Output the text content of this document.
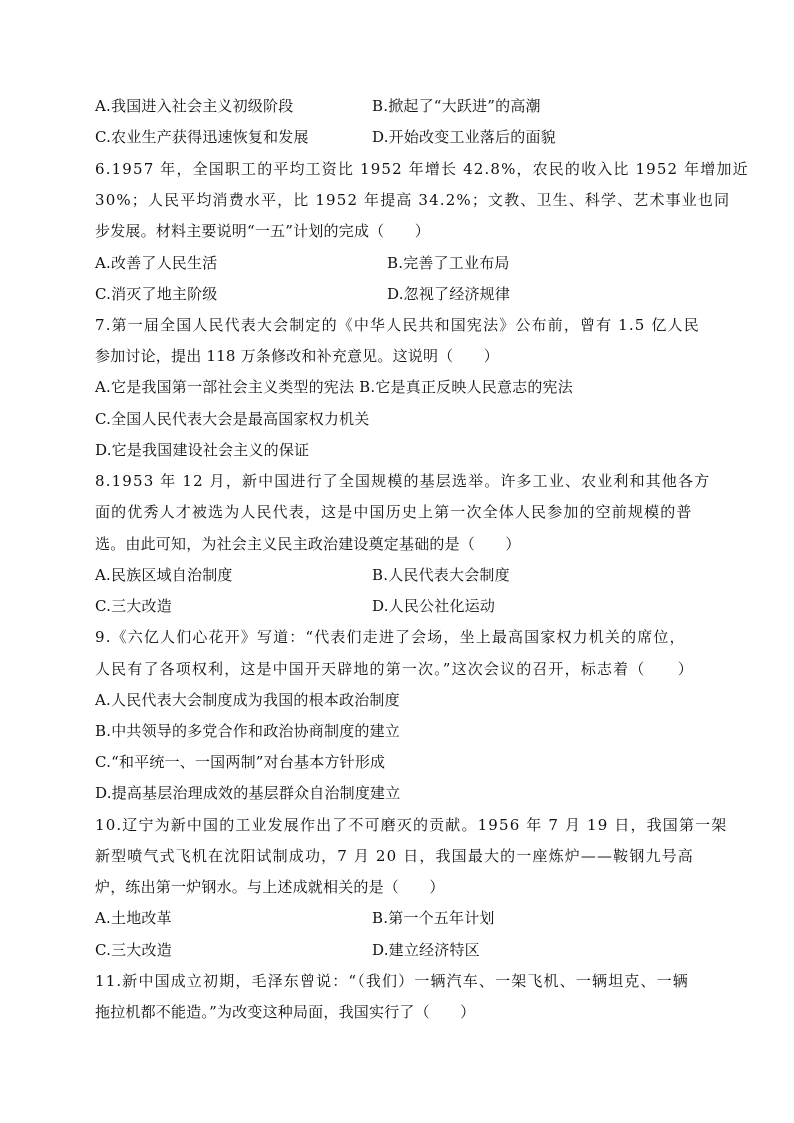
A.我国进入社会主义初级阶段	B.掀起了“大跃进”的高潮
C.农业生产获得迅速恢复和发展	D.开始改变工业落后的面貌
6.1957 年，全国职工的平均工资比 1952 年增长 42.8%，农民的收入比 1952 年增加近
30%；人民平均消费水平，比 1952 年提高 34.2%；文教、卫生、科学、艺术事业也同
步发展。材料主要说明“一五”计划的完成（　　）
A.改善了人民生活	B.完善了工业布局
C.消灭了地主阶级	D.忽视了经济规律
7.第一届全国人民代表大会制定的《中华人民共和国宪法》公布前，曾有 1.5 亿人民
参加讨论，提出 118 万条修改和补充意见。这说明（　　）
A.它是我国第一部社会主义类型的宪法 B.它是真正反映人民意志的宪法
C.全国人民代表大会是最高国家权力机关
D.它是我国建设社会主义的保证
8.1953 年 12 月，新中国进行了全国规模的基层选举。许多工业、农业利和其他各方
面的优秀人才被选为人民代表，这是中国历史上第一次全体人民参加的空前规模的普
选。由此可知，为社会主义民主政治建设奠定基础的是（　　）
A.民族区域自治制度	B.人民代表大会制度
C.三大改造	D.人民公社化运动
9.《六亿人们心花开》写道：“代表们走进了会场，坐上最高国家权力机关的席位，
人民有了各项权利，这是中国开天辟地的第一次。”这次会议的召开，标志着（　　）
A.人民代表大会制度成为我国的根本政治制度
B.中共领导的多党合作和政治协商制度的建立
C.“和平统一、一国两制”对台基本方针形成
D.提高基层治理成效的基层群众自治制度建立
10.辽宁为新中国的工业发展作出了不可磨灭的贡献。1956 年 7 月 19 日，我国第一架
新型喷气式飞机在沈阳试制成功，7 月 20 日，我国最大的一座炼炉——鞍钢九号高
炉，练出第一炉钢水。与上述成就相关的是（　　）
A.土地改革	B.第一个五年计划
C.三大改造	D.建立经济特区
11.新中国成立初期，毛泽东曾说：“（我们）一辆汽车、一架飞机、一辆坦克、一辆
拖拉机都不能造。”为改变这种局面，我国实行了（　　）
